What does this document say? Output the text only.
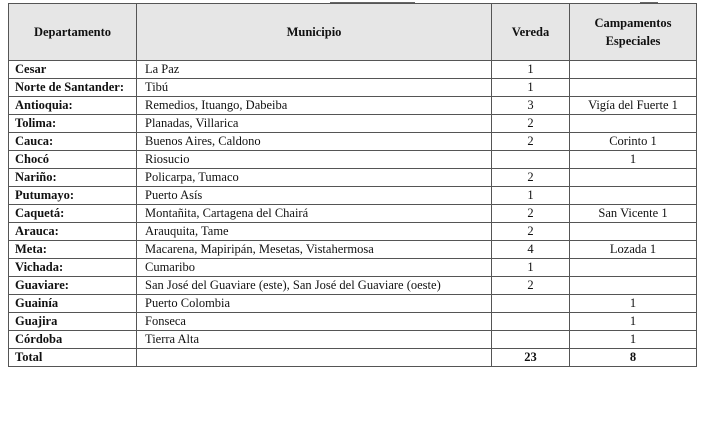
Departamento	Municipio	Vereda	Campamentos
Especiales
Cesar	La Paz	1	
Norte de Santander:	Tibú	1	
Antioquia:	Remedios, Ituango, Dabeiba	3	Vigía del Fuerte 1
Tolima:	Planadas, Villarica	2	
Cauca:	Buenos Aires, Caldono	2	Corinto 1
Chocó	Riosucio		1
Nariño:	Policarpa, Tumaco	2	
Putumayo:	Puerto Asís	1	
Caquetá:	Montañita, Cartagena del Chairá	2	San Vicente 1
Arauca:	Arauquita, Tame	2	
Meta:	Macarena, Mapiripán, Mesetas, Vistahermosa	4	Lozada 1
Vichada:	Cumaribo	1	
Guaviare:	San José del Guaviare (este), San José del Guaviare (oeste)	2	
Guainía	Puerto Colombia		1
Guajira	Fonseca		1
Córdoba	Tierra Alta		1
Total		23	8
